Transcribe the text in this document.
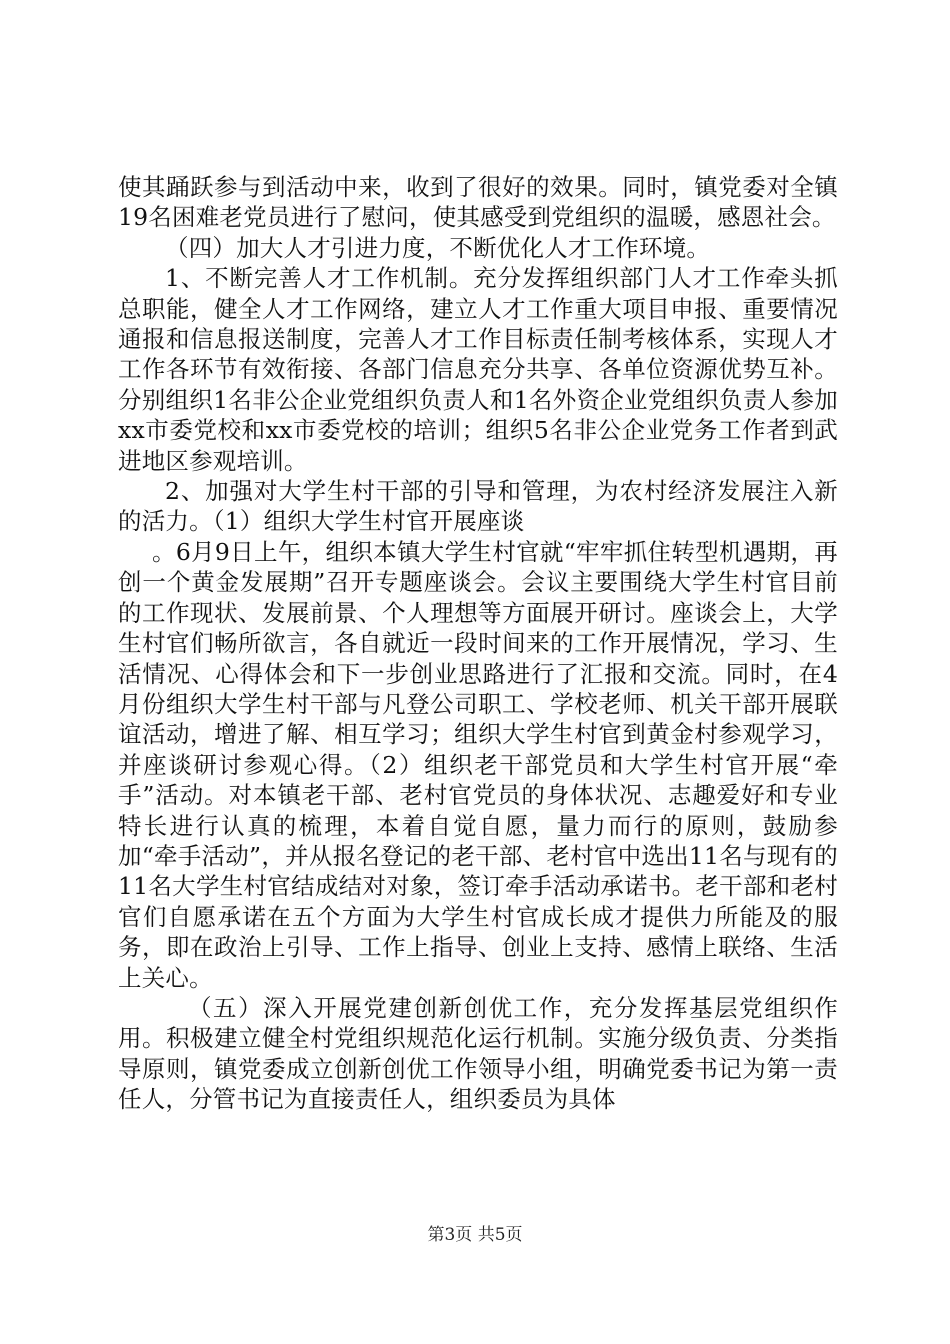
使其踊跃参与到活动中来，收到了很好的效果。同时，镇党委对全镇19名困难老党员进行了慰问，使其感受到党组织的温暖，感恩社会。

（四）加大人才引进力度，不断优化人才工作环境。

1、不断完善人才工作机制。充分发挥组织部门人才工作牵头抓总职能，健全人才工作网络，建立人才工作重大项目申报、重要情况通报和信息报送制度，完善人才工作目标责任制考核体系，实现人才工作各环节有效衔接、各部门信息充分共享、各单位资源优势互补。分别组织1名非公企业党组织负责人和1名外资企业党组织负责人参加xx市委党校和xx市委党校的培训；组织5名非公企业党务工作者到武进地区参观培训。

2、加强对大学生村干部的引导和管理，为农村经济发展注入新的活力。（1）组织大学生村官开展座谈

。6月9日上午，组织本镇大学生村官就“牢牢抓住转型机遇期，再创一个黄金发展期”召开专题座谈会。会议主要围绕大学生村官目前的工作现状、发展前景、个人理想等方面展开研讨。座谈会上，大学生村官们畅所欲言，各自就近一段时间来的工作开展情况，学习、生活情况、心得体会和下一步创业思路进行了汇报和交流。同时，在4月份组织大学生村干部与凡登公司职工、学校老师、机关干部开展联谊活动，增进了解、相互学习；组织大学生村官到黄金村参观学习，并座谈研讨参观心得。（2）组织老干部党员和大学生村官开展“牵手”活动。对本镇老干部、老村官党员的身体状况、志趣爱好和专业特长进行认真的梳理，本着自觉自愿，量力而行的原则，鼓励参加“牵手活动”，并从报名登记的老干部、老村官中选出11名与现有的11名大学生村官结成结对对象，签订牵手活动承诺书。老干部和老村官们自愿承诺在五个方面为大学生村官成长成才提供力所能及的服务，即在政治上引导、工作上指导、创业上支持、感情上联络、生活上关心。

（五）深入开展党建创新创优工作，充分发挥基层党组织作用。积极建立健全村党组织规范化运行机制。实施分级负责、分类指导原则，镇党委成立创新创优工作领导小组，明确党委书记为第一责任人，分管书记为直接责任人，组织委员为具体

第3页 共5页
